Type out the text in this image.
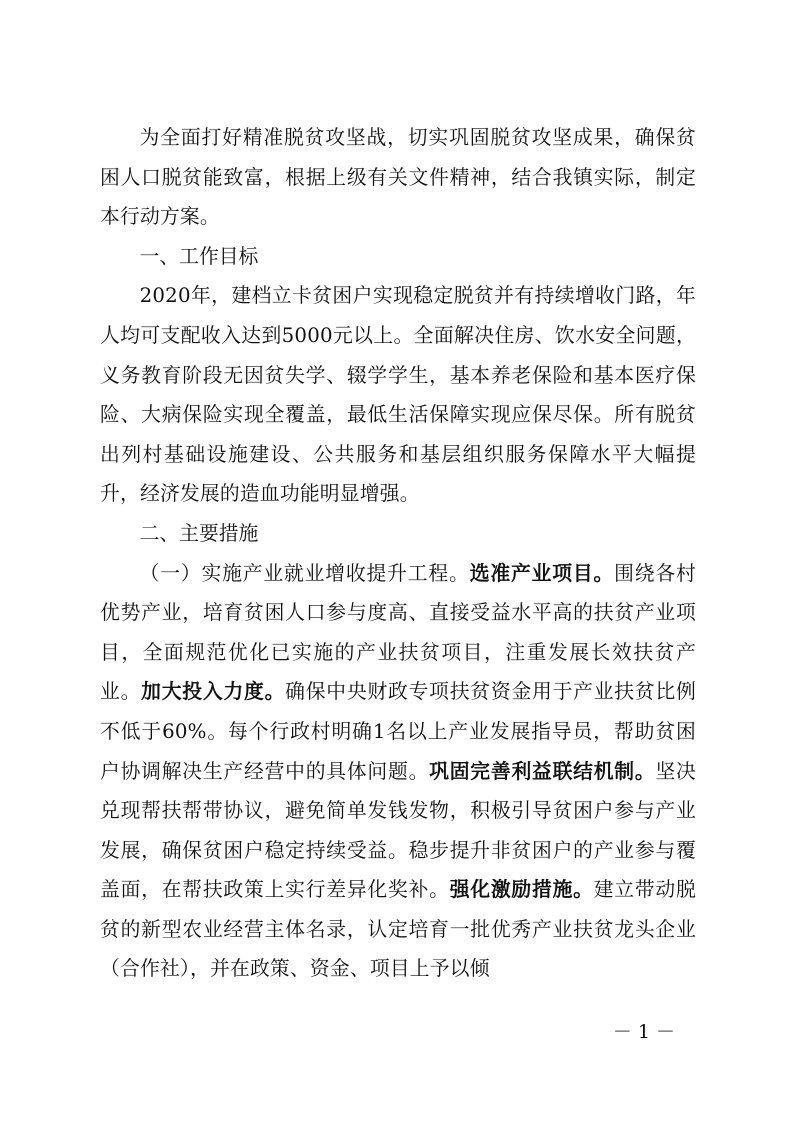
为全面打好精准脱贫攻坚战，切实巩固脱贫攻坚成果，确保贫困人口脱贫能致富，根据上级有关文件精神，结合我镇实际，制定本行动方案。

一、工作目标

2020年，建档立卡贫困户实现稳定脱贫并有持续增收门路，年人均可支配收入达到5000元以上。全面解决住房、饮水安全问题，义务教育阶段无因贫失学、辍学学生，基本养老保险和基本医疗保险、大病保险实现全覆盖，最低生活保障实现应保尽保。所有脱贫出列村基础设施建设、公共服务和基层组织服务保障水平大幅提升，经济发展的造血功能明显增强。

二、主要措施

（一）实施产业就业增收提升工程。选准产业项目。围绕各村优势产业，培育贫困人口参与度高、直接受益水平高的扶贫产业项目，全面规范优化已实施的产业扶贫项目，注重发展长效扶贫产业。加大投入力度。确保中央财政专项扶贫资金用于产业扶贫比例不低于60%。每个行政村明确1名以上产业发展指导员，帮助贫困户协调解决生产经营中的具体问题。巩固完善利益联结机制。坚决兑现帮扶帮带协议，避免简单发钱发物，积极引导贫困户参与产业发展，确保贫困户稳定持续受益。稳步提升非贫困户的产业参与覆盖面，在帮扶政策上实行差异化奖补。强化激励措施。建立带动脱贫的新型农业经营主体名录，认定培育一批优秀产业扶贫龙头企业（合作社），并在政策、资金、项目上予以倾

－ 1 －
